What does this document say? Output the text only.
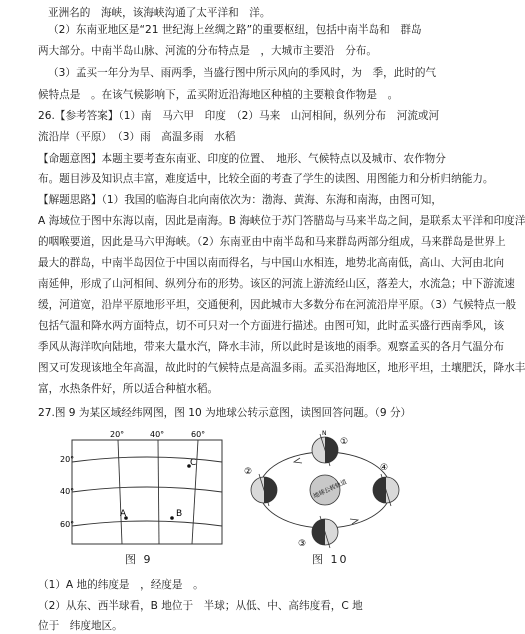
亚洲名的　海峡，该海峡沟通了太平洋和　洋。
（2）东南亚地区是“21 世纪海上丝绸之路”的重要枢纽，包括中南半岛和　群岛
两大部分。中南半岛山脉、河流的分布特点是　，大城市主要沿　分布。
（3）孟买一年分为旱、雨两季，当盛行图中所示风向的季风时，为　季，此时的气
候特点是　。在该气候影响下，孟买附近沿海地区种植的主要粮食作物是　。
26.【参考答案】（1）南　马六甲　印度　（2）马来　山河相间，纵列分布　河流或河
流沿岸（平原）　（3）雨　高温多雨　水稻
【命题意图】本题主要考查东南亚、印度的位置、　地形、气候特点以及城市、农作物分
布。题目涉及知识点丰富，难度适中，比较全面的考查了学生的读图、用图能力和分析归纳能力。
【解题思路】（1）我国的临海自北向南依次为：渤海、黄海、东海和南海，由图可知，
A 海域位于图中东海以南，因此是南海。B 海峡位于苏门答腊岛与马来半岛之间，是联系太平洋和印度洋
的咽喉要道，因此是马六甲海峡。（2）东南亚由中南半岛和马来群岛两部分组成，马来群岛是世界上
最大的群岛，中南半岛因位于中国以南而得名，与中国山水相连，地势北高南低，高山、大河由北向
南延伸，形成了山河相间、纵列分布的形势。该区的河流上游流经山区，落差大，水流急；中下游流速
缓，河道宽，沿岸平原地形平坦，交通便利，因此城市大多数分布在河流沿岸平原。（3）气候特点一般
包括气温和降水两方面特点，切不可只对一个方面进行描述。由图可知，此时孟买盛行西南季风，该
季风从海洋吹向陆地，带来大量水汽，降水丰沛，所以此时是该地的雨季。观察孟买的各月气温分布
图又可发现该地全年高温，故此时的气候特点是高温多雨。孟买沿海地区，地形平坦，土壤肥沃，降水丰
富，水热条件好，所以适合种植水稻。
27.图 9 为某区域经纬网图，图 10 为地球公转示意图，读图回答问题。（9 分）
20°	40°	60°
20°
40°
60°
A	B
C
图 9
地球公转轨道
①
②
③
④
N
图 10
（1）A 地的纬度是　，经度是　。
（2）从东、西半球看，B 地位于　半球；从低、中、高纬度看，C 地
位于　纬度地区。
